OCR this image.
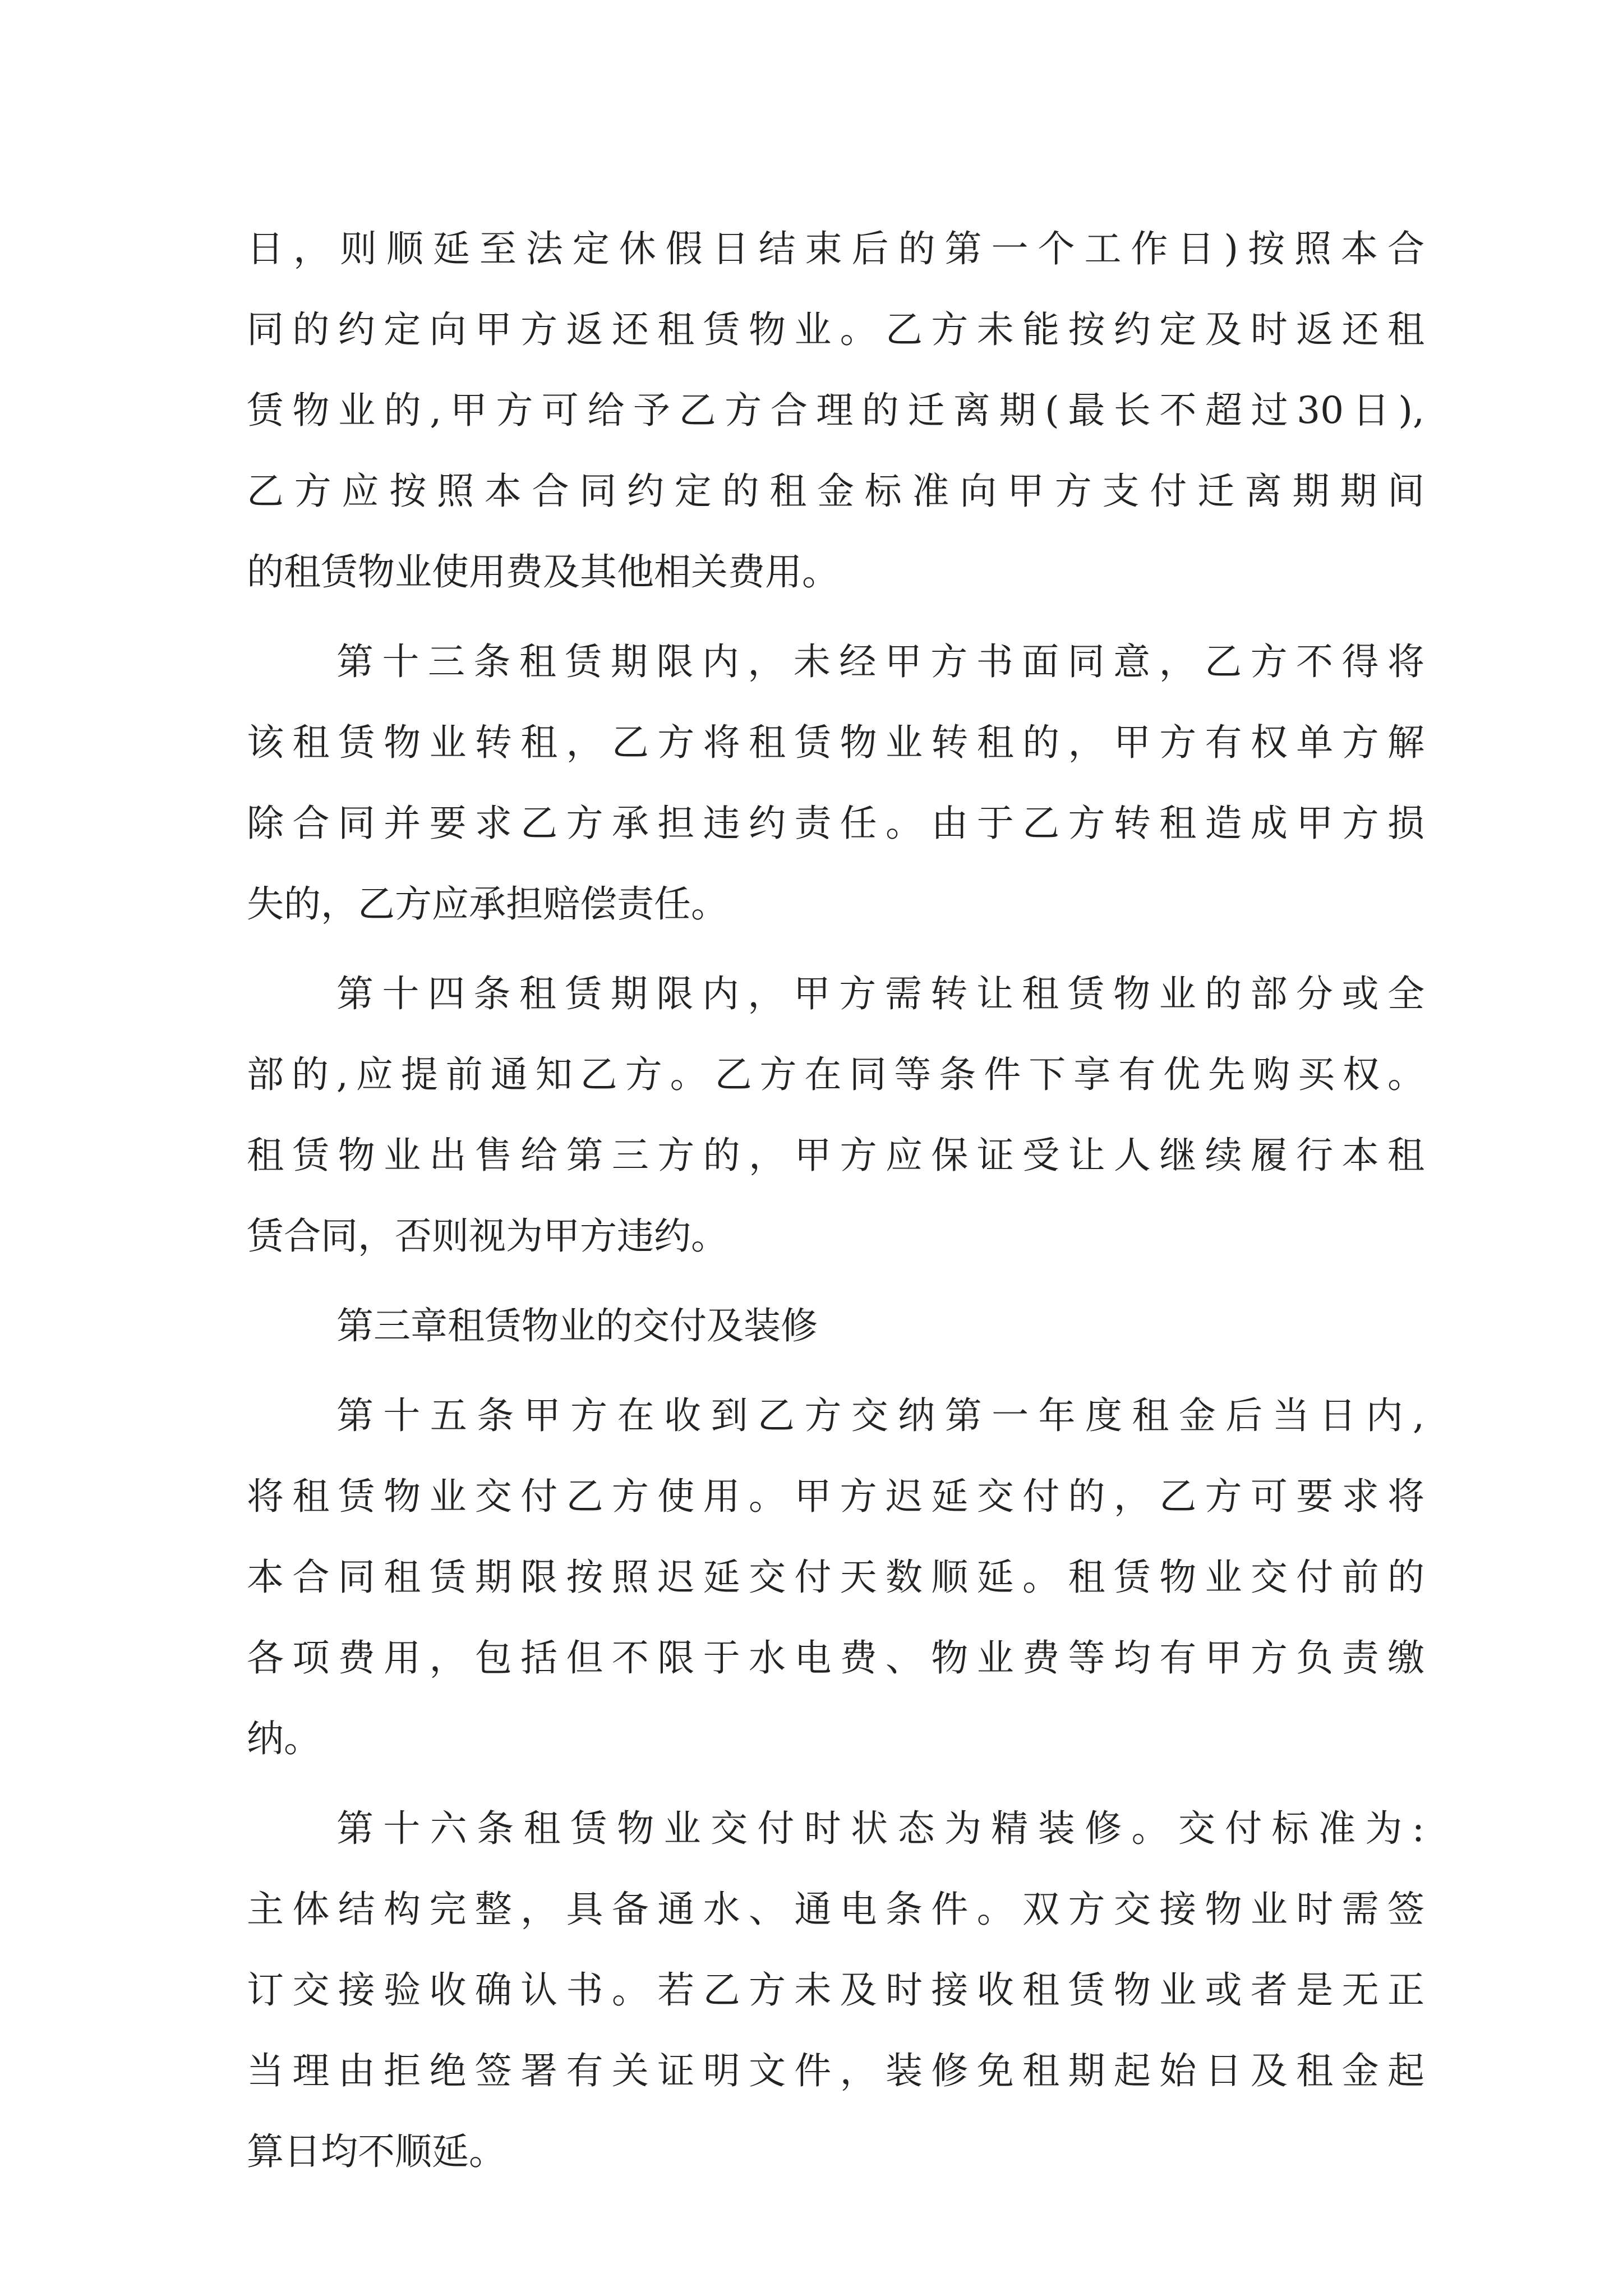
日，则顺延至法定休假日结束后的第一个工作日)按照本合
同的约定向甲方返还租赁物业。乙方未能按约定及时返还租
赁物业的,甲方可给予乙方合理的迁离期(最长不超过30日),
乙方应按照本合同约定的租金标准向甲方支付迁离期期间
的租赁物业使用费及其他相关费用。
第十三条租赁期限内，未经甲方书面同意，乙方不得将
该租赁物业转租，乙方将租赁物业转租的，甲方有权单方解
除合同并要求乙方承担违约责任。由于乙方转租造成甲方损
失的，乙方应承担赔偿责任。
第十四条租赁期限内，甲方需转让租赁物业的部分或全
部的,应提前通知乙方。乙方在同等条件下享有优先购买权。
租赁物业出售给第三方的，甲方应保证受让人继续履行本租
赁合同，否则视为甲方违约。
第三章租赁物业的交付及装修
第十五条甲方在收到乙方交纳第一年度租金后当日内,
将租赁物业交付乙方使用。甲方迟延交付的，乙方可要求将
本合同租赁期限按照迟延交付天数顺延。租赁物业交付前的
各项费用，包括但不限于水电费、物业费等均有甲方负责缴
纳。
第十六条租赁物业交付时状态为精装修。交付标准为:
主体结构完整，具备通水、通电条件。双方交接物业时需签
订交接验收确认书。若乙方未及时接收租赁物业或者是无正
当理由拒绝签署有关证明文件，装修免租期起始日及租金起
算日均不顺延。
